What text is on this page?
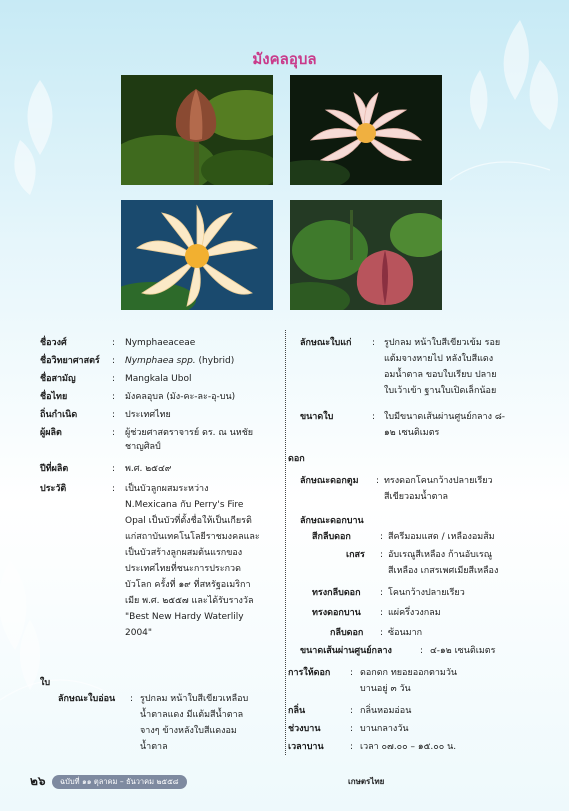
มังคลอุบล
ชื่อวงศ์	: Nymphaeaceae
ชื่อวิทยาศาสตร์ : Nymphaea spp. (hybrid)
ชื่อสามัญ	: Mangkala Ubol
ชื่อไทย	: มังคลอุบล (มัง-คะ-ละ-อุ-บน)
ถิ่นกำเนิด	: ประเทศไทย
ผู้ผลิต	: ผู้ช่วยศาสตราจารย์ ดร. ณ นหชัย
ชาญศิลป์
ปีที่ผลิต	: พ.ศ. ๒๕๔๙
ประวัติ	: เป็นบัวลูกผสมระหว่าง
N.Mexicana กับ Perry's Fire
Opal เป็นบัวที่ตั้งชื่อให้เป็นเกียรติ
แก่สถาบันเทคโนโลยีราชมงคลและ
เป็นบัวสร้างลูกผสมต้นแรกของ
ประเทศไทยที่ชนะการประกวด
บัวโลก ครั้งที่ ๑๙ ที่สหรัฐอเมริกา
เมีย พ.ศ. ๒๕๕๗ และได้รับรางวัล
"Best New Hardy Waterlily
2004"
ใบ
ลักษณะใบอ่อน : รูปกลม หน้าใบสีเขียวเหลือบ
น้ำตาลแดง มีแต้มสีน้ำตาล
จางๆ ข้างหลังใบสีแดงอม
น้ำตาล
ลักษณะใบแก่ : รูปกลม หน้าใบสีเขียวเข้ม รอย
แต้มจางหายไป หลังใบสีแดง
อมน้ำตาล ขอบใบเรียบ ปลาย
ใบเว้าเข้า ฐานใบเปิดเล็กน้อย
ขนาดใบ	: ใบมีขนาดเส้นผ่านศูนย์กลาง ๘-
๑๒ เซนติเมตร
ดอก
ลักษณะดอกตูม : ทรงดอกโคนกว้างปลายเรียว
สีเขียวอมน้ำตาล
ลักษณะดอกบาน
สีกลีบดอก	: สีครีมอมแสด / เหลืองอมส้ม
เกสร : อับเรณูสีเหลือง ก้านอับเรณู
สีเหลือง เกสรเพศเมียสีเหลือง
ทรงกลีบดอก : โคนกว้างปลายเรียว
ทรงดอกบาน : แผ่ครึ่งวงกลม
กลีบดอก : ซ้อนมาก
ขนาดเส้นผ่านศูนย์กลาง	: ๔-๑๒ เซนติเมตร
การให้ดอก : ดอกดก ทยอยออกตามวัน
บานอยู่ ๓ วัน
กลิ่น	: กลิ่นหอมอ่อน
ช่วงบาน	: บานกลางวัน
เวลาบาน	: เวลา ๐๗.๐๐ – ๑๕.๐๐ น.
๒๖	ฉบับที่ ๑๑ ตุลาคม – ธันวาคม ๒๕๕๘	เกษตรไทย
